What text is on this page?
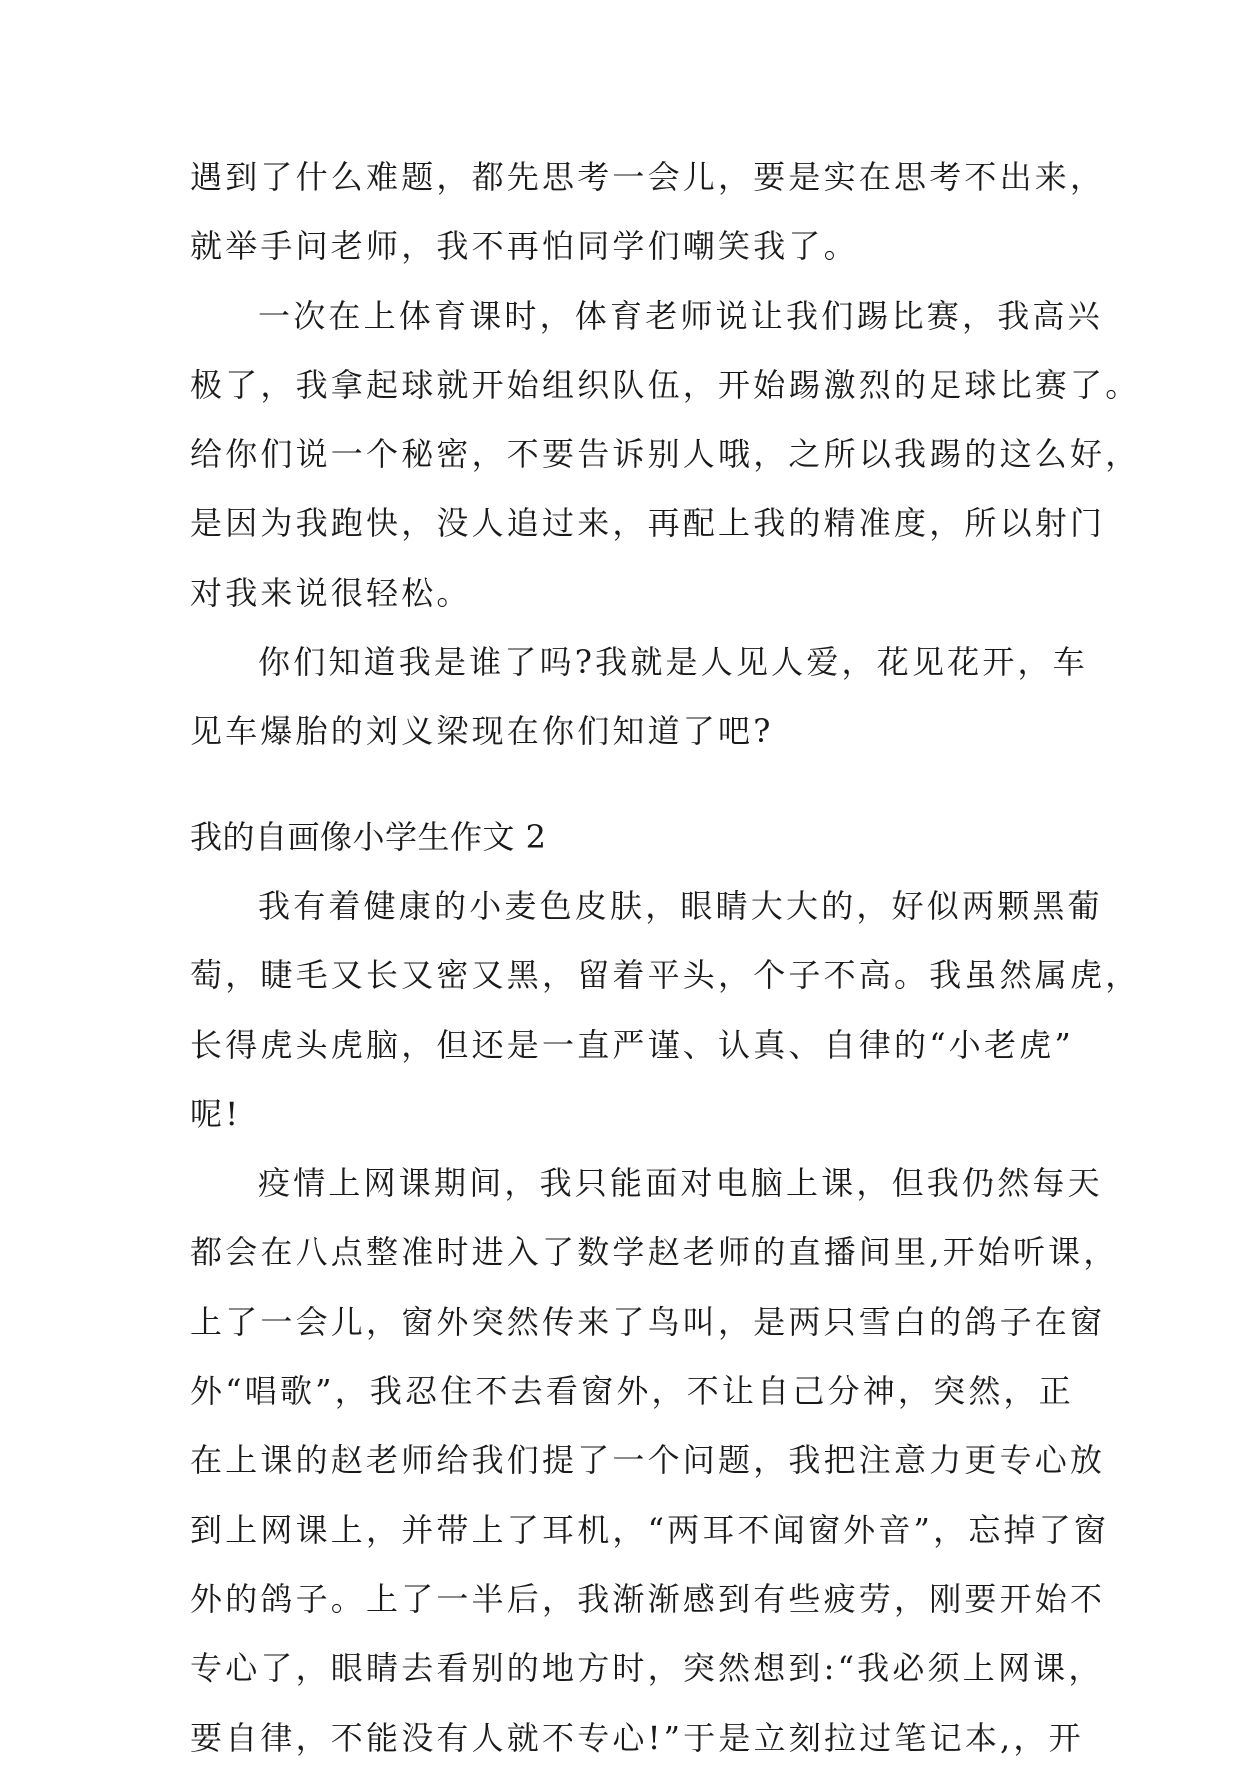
遇到了什么难题，都先思考一会儿，要是实在思考不出来，
就举手问老师，我不再怕同学们嘲笑我了。
一次在上体育课时，体育老师说让我们踢比赛，我高兴
极了，我拿起球就开始组织队伍，开始踢激烈的足球比赛了。
给你们说一个秘密，不要告诉别人哦，之所以我踢的这么好，
是因为我跑快，没人追过来，再配上我的精准度，所以射门
对我来说很轻松。
你们知道我是谁了吗?我就是人见人爱，花见花开，车
见车爆胎的刘义梁现在你们知道了吧?
我的自画像小学生作文 2
我有着健康的小麦色皮肤，眼睛大大的，好似两颗黑葡
萄，睫毛又长又密又黑，留着平头，个子不高。我虽然属虎，
长得虎头虎脑，但还是一直严谨、认真、自律的“小老虎”
呢!
疫情上网课期间，我只能面对电脑上课，但我仍然每天
都会在八点整准时进入了数学赵老师的直播间里,开始听课，
上了一会儿，窗外突然传来了鸟叫，是两只雪白的鸽子在窗
外“唱歌”，我忍住不去看窗外，不让自己分神，突然，正
在上课的赵老师给我们提了一个问题，我把注意力更专心放
到上网课上，并带上了耳机，“两耳不闻窗外音”，忘掉了窗
外的鸽子。上了一半后，我渐渐感到有些疲劳，刚要开始不
专心了，眼睛去看别的地方时，突然想到:“我必须上网课，
要自律，不能没有人就不专心!”于是立刻拉过笔记本,，开
